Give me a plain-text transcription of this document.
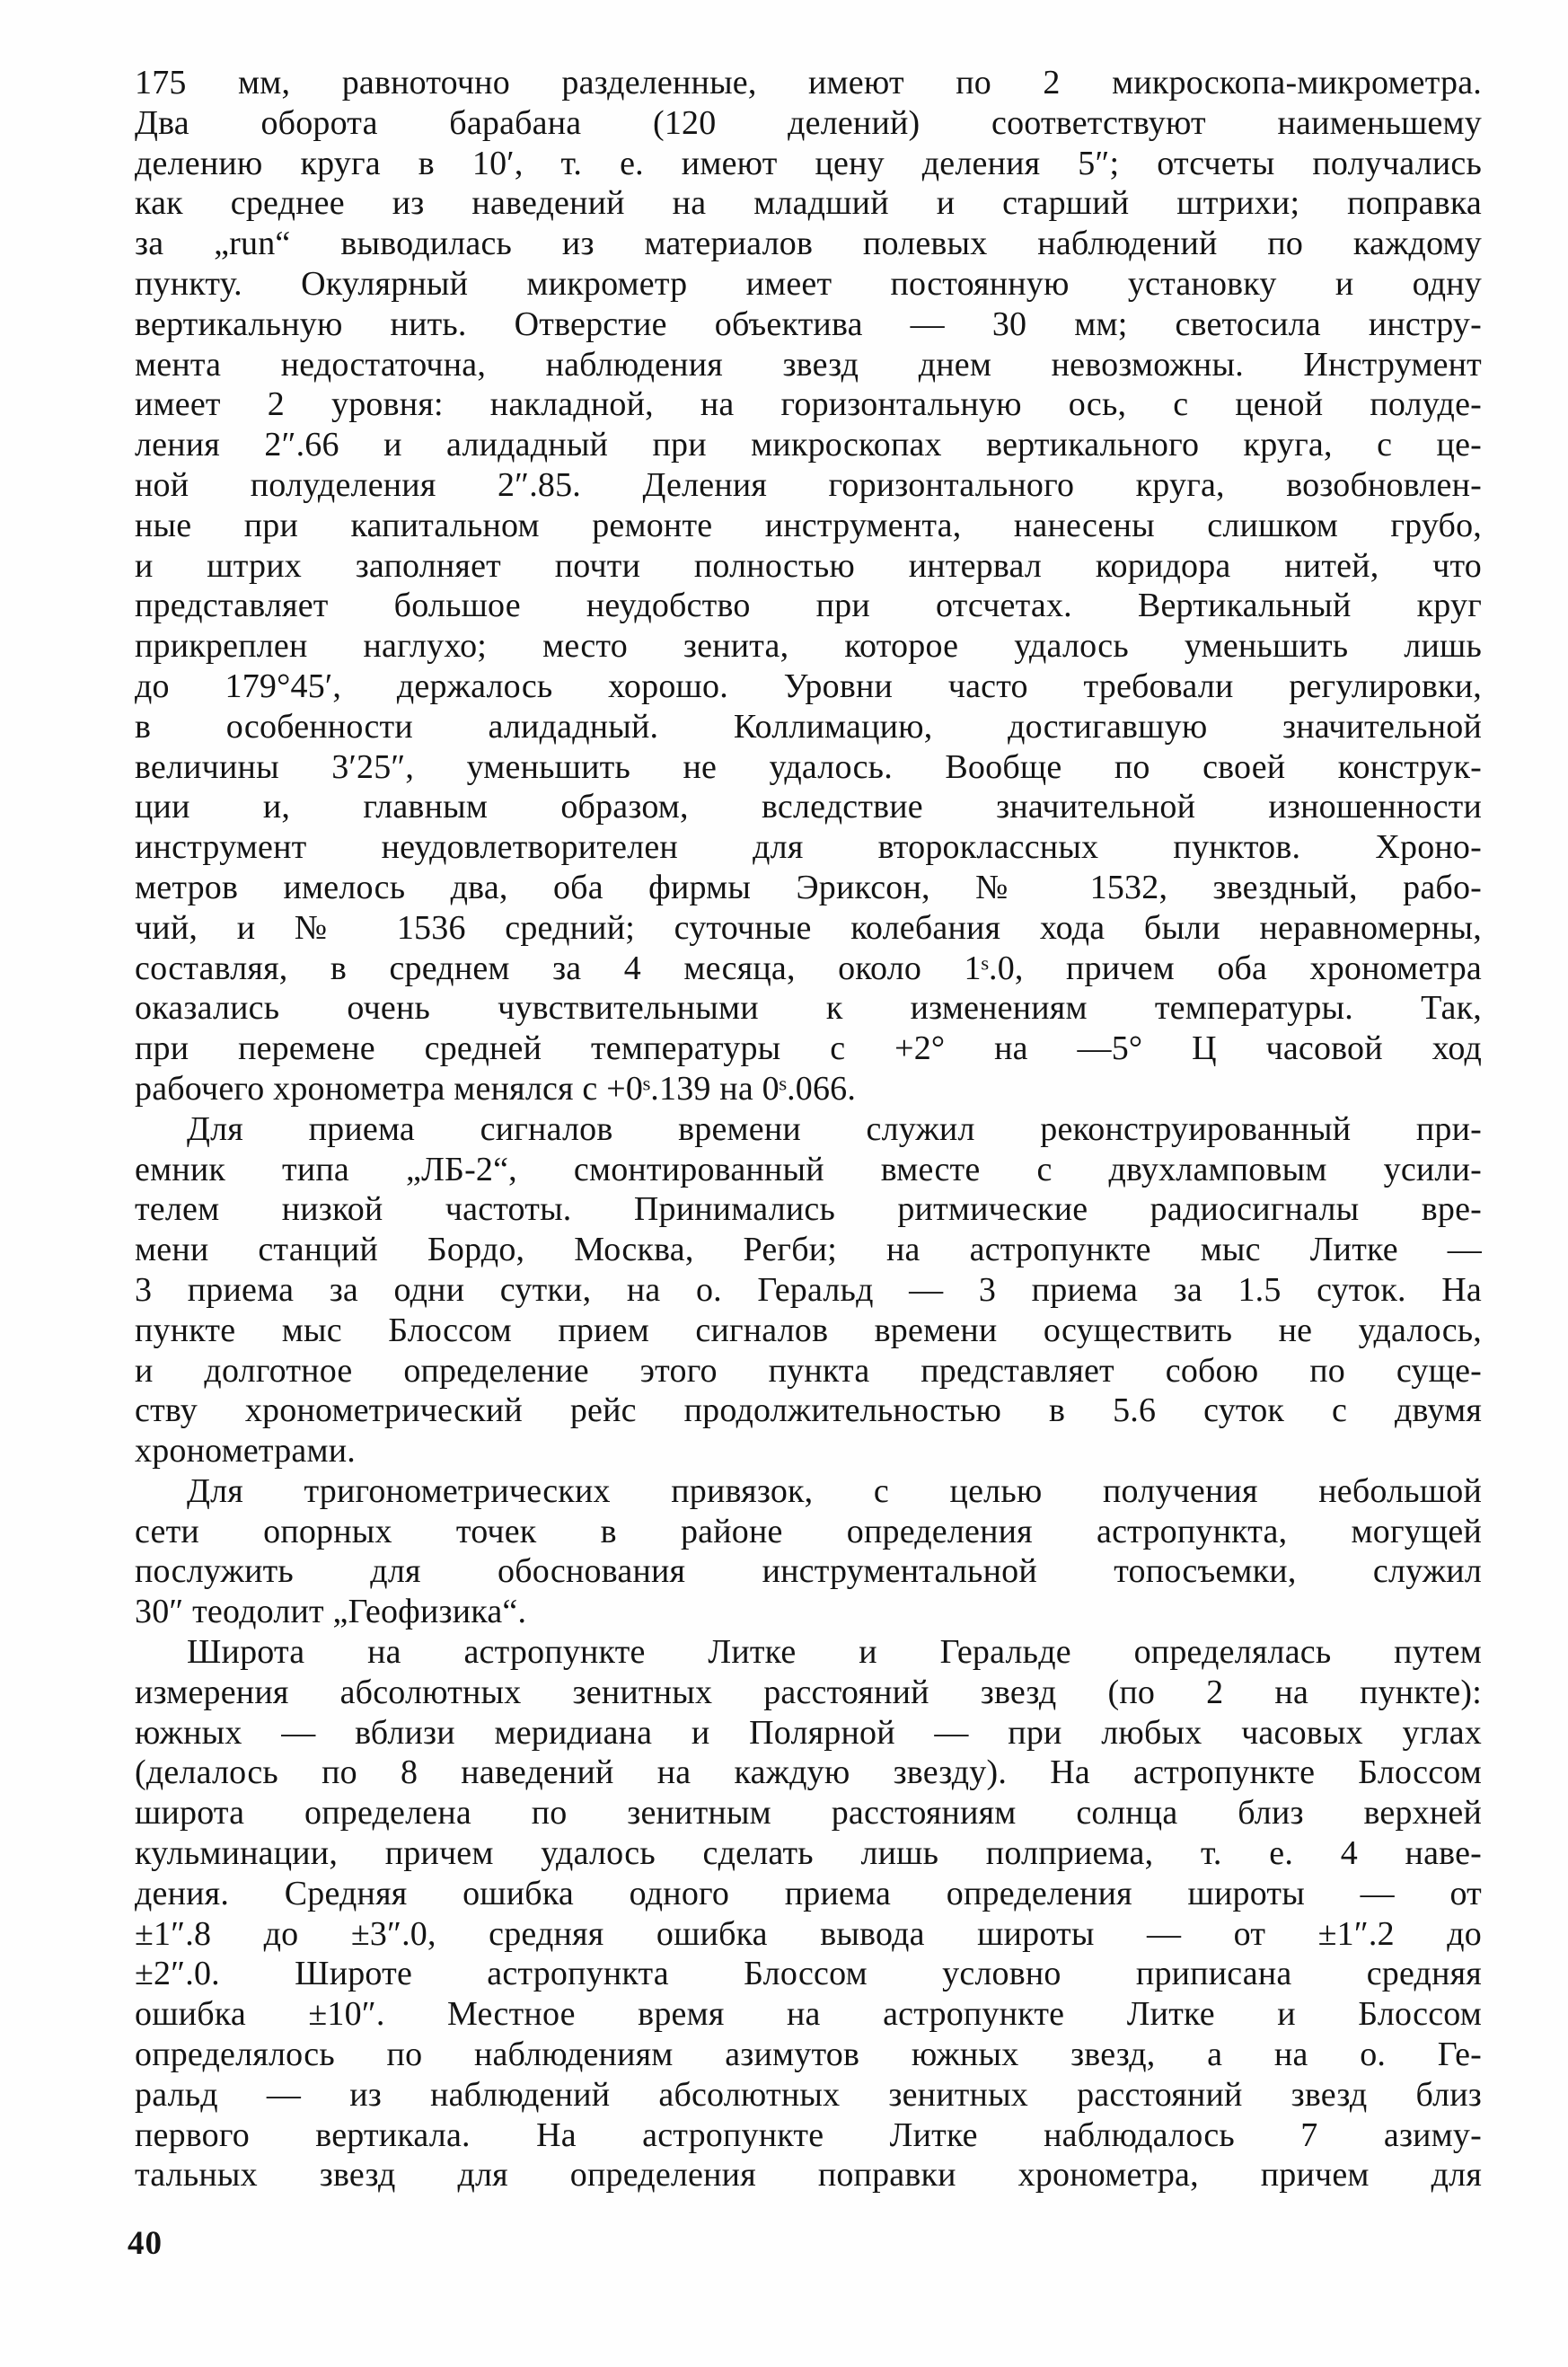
175 мм, равноточно разделенные, имеют по 2 микроскопа-микрометра.
Два оборота барабана (120 делений) соответствуют наименьшему
делению круга в 10′, т. е. имеют цену деления 5″; отсчеты получались
как среднее из наведений на младший и старший штрихи; поправка
за „run“ выводилась из материалов полевых наблюдений по каждому
пункту. Окулярный микрометр имеет постоянную установку и одну
вертикальную нить. Отверстие объектива — 30 мм; светосила инстру-
мента недостаточна, наблюдения звезд днем невозможны. Инструмент
имеет 2 уровня: накладной, на горизонтальную ось, с ценой полуде-
ления 2″.66 и алидадный при микроскопах вертикального круга, с це-
ной полуделения 2″.85. Деления горизонтального круга, возобновлен-
ные при капитальном ремонте инструмента, нанесены слишком грубо,
и штрих заполняет почти полностью интервал коридора нитей, что
представляет большое неудобство при отсчетах. Вертикальный круг
прикреплен наглухо; место зенита, которое удалось уменьшить лишь
до 179°45′, держалось хорошо. Уровни часто требовали регулировки,
в особенности алидадный. Коллимацию, достигавшую значительной
величины 3′25″, уменьшить не удалось. Вообще по своей конструк-
ции и, главным образом, вследствие значительной изношенности
инструмент неудовлетворителен для второклассных пунктов. Хроно-
метров имелось два, оба фирмы Эриксон, № 1532, звездный, рабо-
чий, и № 1536 средний; суточные колебания хода были неравномерны,
составляя, в среднем за 4 месяца, около 1ˢ.0, причем оба хронометра
оказались очень чувствительными к изменениям температуры. Так,
при перемене средней температуры с +2° на —5° Ц часовой ход
рабочего хронометра менялся с +0ˢ.139 на 0ˢ.066.
Для приема сигналов времени служил реконструированный при-
емник типа „ЛБ-2“, смонтированный вместе с двухламповым усили-
телем низкой частоты. Принимались ритмические радиосигналы вре-
мени станций Бордо, Москва, Регби; на астропункте мыс Литке —
3 приема за одни сутки, на о. Геральд — 3 приема за 1.5 суток. На
пункте мыс Блоссом прием сигналов времени осуществить не удалось,
и долготное определение этого пункта представляет собою по суще-
ству хронометрический рейс продолжительностью в 5.6 суток с двумя
хронометрами.
Для тригонометрических привязок, с целью получения небольшой
сети опорных точек в районе определения астропункта, могущей
послужить для обоснования инструментальной топосъемки, служил
30″ теодолит „Геофизика“.
Широта на астропункте Литке и Геральде определялась путем
измерения абсолютных зенитных расстояний звезд (по 2 на пункте):
южных — вблизи меридиана и Полярной — при любых часовых углах
(делалось по 8 наведений на каждую звезду). На астропункте Блоссом
широта определена по зенитным расстояниям солнца близ верхней
кульминации, причем удалось сделать лишь полприема, т. е. 4 наве-
дения. Средняя ошибка одного приема определения широты — от
±1″.8 до ±3″.0, средняя ошибка вывода широты — от ±1″.2 до
±2″.0. Широте астропункта Блоссом условно приписана средняя
ошибка ±10″. Местное время на астропункте Литке и Блоссом
определялось по наблюдениям азимутов южных звезд, а на о. Ге-
ральд — из наблюдений абсолютных зенитных расстояний звезд близ
первого вертикала. На астропункте Литке наблюдалось 7 азиму-
тальных звезд для определения поправки хронометра, причем для
40
